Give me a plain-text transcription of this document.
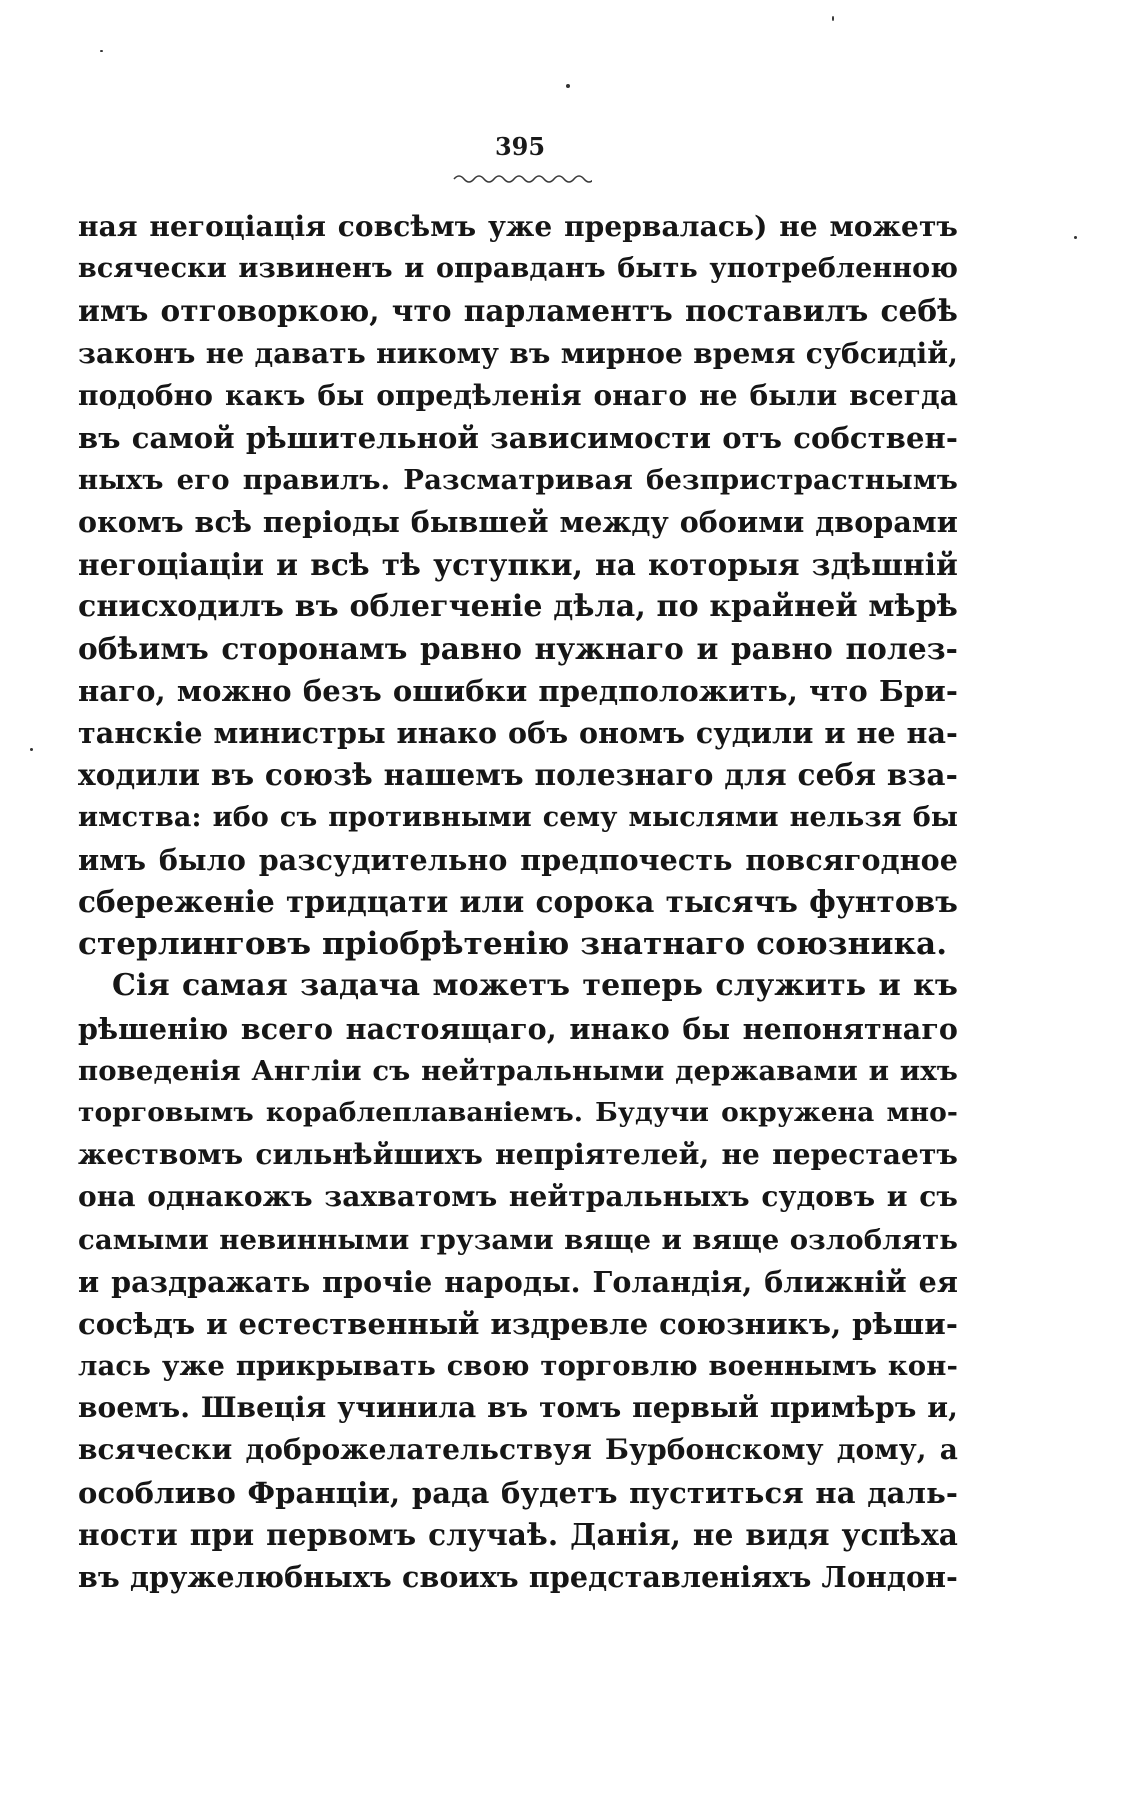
395
ная негоціація совсѣмъ уже прервалась) не можетъ
всячески извиненъ и оправданъ быть употребленною
имъ отговоркою, что парламентъ поставилъ себѣ
законъ не давать никому въ мирное время субсидій,
подобно какъ бы опредѣленія онаго не были всегда
въ самой рѣшительной зависимости отъ собствен-
ныхъ его правилъ. Разсматривая безпристрастнымъ
окомъ всѣ періоды бывшей между обоими дворами
негоціаціи и всѣ тѣ уступки, на которыя здѣшній
снисходилъ въ облегченіе дѣла, по крайней мѣрѣ
обѣимъ сторонамъ равно нужнаго и равно полез-
наго, можно безъ ошибки предположить, что Бри-
танскіе министры инако объ ономъ судили и не на-
ходили въ союзѣ нашемъ полезнаго для себя вза-
имства: ибо съ противными сему мыслями нельзя бы
имъ было разсудительно предпочесть повсягодное
сбереженіе тридцати или сорока тысячъ фунтовъ
стерлинговъ пріобрѣтенію знатнаго союзника.
Сія самая задача можетъ теперь служить и къ
рѣшенію всего настоящаго, инако бы непонятнаго
поведенія Англіи съ нейтральными державами и ихъ
торговымъ кораблеплаваніемъ. Будучи окружена мно-
жествомъ сильнѣйшихъ непріятелей, не перестаетъ
она однакожъ захватомъ нейтральныхъ судовъ и съ
самыми невинными грузами вяще и вяще озлоблять
и раздражать прочіе народы. Голандія, ближній ея
сосѣдъ и естественный издревле союзникъ, рѣши-
лась уже прикрывать свою торговлю военнымъ кон-
воемъ. Швеція учинила въ томъ первый примѣръ и,
всячески доброжелательствуя Бурбонскому дому, а
особливо Франціи, рада будетъ пуститься на даль-
ности при первомъ случаѣ. Данія, не видя успѣха
въ дружелюбныхъ своихъ представленіяхъ Лондон-
